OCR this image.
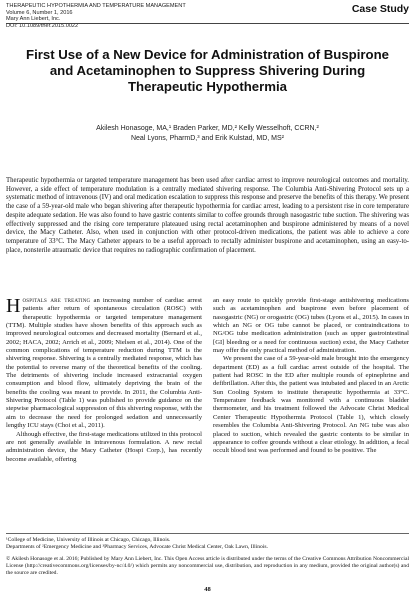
THERAPEUTIC HYPOTHERMIA AND TEMPERATURE MANAGEMENT
Volume 6, Number 1, 2016
Mary Ann Liebert, Inc.
DOI: 10.1089/ther.2015.0022
Case Study
First Use of a New Device for Administration of Buspirone and Acetaminophen to Suppress Shivering During Therapeutic Hypothermia
Akilesh Honasoge, MA,¹ Braden Parker, MD,² Kelly Wesselhoft, CCRN,²
Neal Lyons, PharmD,³ and Erik Kulstad, MD, MS²

Therapeutic hypothermia or targeted temperature management has been used after cardiac arrest to improve neurological outcomes and mortality. However, a side effect of temperature modulation is a centrally mediated shivering response. The Columbia Anti-Shivering Protocol sets up a systematic method of intravenous (IV) and oral medication escalation to suppress this response and preserve the benefits of this therapy. We present the case of a 59-year-old male who began shivering after therapeutic hypothermia for cardiac arrest, leading to a persistent rise in core temperature despite adequate sedation. He was also found to have gastric contents similar to coffee grounds through nasogastric tube suction. The shivering was effectively suppressed and the rising core temperature plateaued using rectal acetaminophen and buspirone administered by means of a novel device, the Macy Catheter. Also, when used in conjunction with other protocol-driven medications, the patient was able to achieve a core temperature of 33°C. The Macy Catheter appears to be a useful approach to rectally administer buspirone and acetaminophen, using an easy-to-place, nonsterile atraumatic device that requires no radiographic confirmation of placement.

Hospitals are treating an increasing number of cardiac arrest patients after return of spontaneous circulation (ROSC) with therapeutic hypothermia or targeted temperature management (TTM). Multiple studies have shown benefits of this approach such as improved neurological outcomes and decreased mortality (Bernard et al., 2002; HACA, 2002; Arrich et al., 2009; Nielsen et al., 2014). One of the common complications of temperature reduction during TTM is the shivering response. Shivering is a centrally mediated response, which has the potential to reverse many of the theoretical benefits of the cooling. The detriments of shivering include increased extracranial oxygen consumption and blood flow, ultimately depriving the brain of the benefits the cooling was meant to provide. In 2011, the Columbia Anti-Shivering Protocol (Table 1) was published to provide guidance on the stepwise pharmacological suppression of this shivering response, with the aim to decrease the need for prolonged sedation and unnecessarily lengthy ICU stays (Choi et al., 2011).

Although effective, the first-stage medications utilized in this protocol are not generally available in intravenous formulation. A new rectal administration device, the Macy Catheter (Hospi Corp.), has recently become available, offering

an easy route to quickly provide first-stage antishivering medications such as acetaminophen and buspirone even before placement of nasogastric (NG) or orogastric (OG) tubes (Lyons et al., 2015). In cases in which an NG or OG tube cannot be placed, or contraindications to NG/OG tube medication administration (such as upper gastrointestinal [GI] bleeding or a need for continuous suction) exist, the Macy Catheter may offer the only practical method of administration.

We present the case of a 59-year-old male brought into the emergency department (ED) as a full cardiac arrest outside of the hospital. The patient had ROSC in the ED after multiple rounds of epinephrine and defibrillation. After this, the patient was intubated and placed in an Arctic Sun Cooling System to institute therapeutic hypothermia at 33°C. Temperature feedback was monitored with a continuous bladder thermometer, and his treatment followed the Advocate Christ Medical Center Therapeutic Hypothermia Protocol (Table 1), which closely resembles the Columbia Anti-Shivering Protocol. An NG tube was also placed to suction, which revealed the gastric contents to be similar in appearance to coffee grounds without a clear etiology. In addition, a fecal occult blood test was performed and found to be positive. The

¹College of Medicine, University of Illinois at Chicago, Chicago, Illinois.
Departments of ²Emergency Medicine and ³Pharmacy Services, Advocate Christ Medical Center, Oak Lawn, Illinois.

© Akilesh Honasoge et al. 2016; Published by Mary Ann Liebert, Inc. This Open Access article is distributed under the terms of the Creative Commons Attribution Noncommercial License (http://creativecommons.org/licenses/by-nc/4.0/) which permits any noncommercial use, distribution, and reproduction in any medium, provided the original author(s) and the source are credited.

48
